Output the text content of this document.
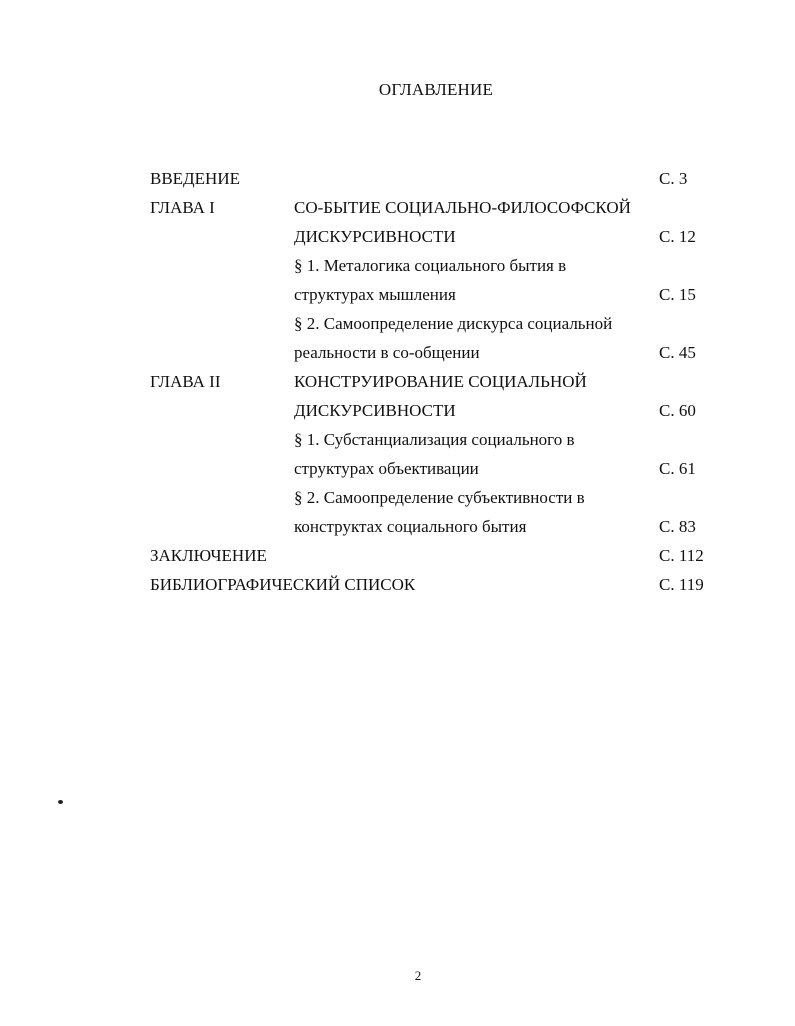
ОГЛАВЛЕНИЕ
ВВЕДЕНИЕ	С. 3
ГЛАВА I	СО-БЫТИЕ СОЦИАЛЬНО-ФИЛОСОФСКОЙ
ДИСКУРСИВНОСТИ	С. 12
§ 1. Металогика социального бытия в
структурах мышления	С. 15
§ 2. Самоопределение дискурса социальной
реальности в со-общении	С. 45
ГЛАВА II	КОНСТРУИРОВАНИЕ СОЦИАЛЬНОЙ
ДИСКУРСИВНОСТИ	С. 60
§ 1. Субстанциализация социального в
структурах объективации	С. 61
§ 2. Самоопределение субъективности в
конструктах социального бытия	С. 83
ЗАКЛЮЧЕНИЕ	С. 112
БИБЛИОГРАФИЧЕСКИЙ СПИСОК	С. 119
2
